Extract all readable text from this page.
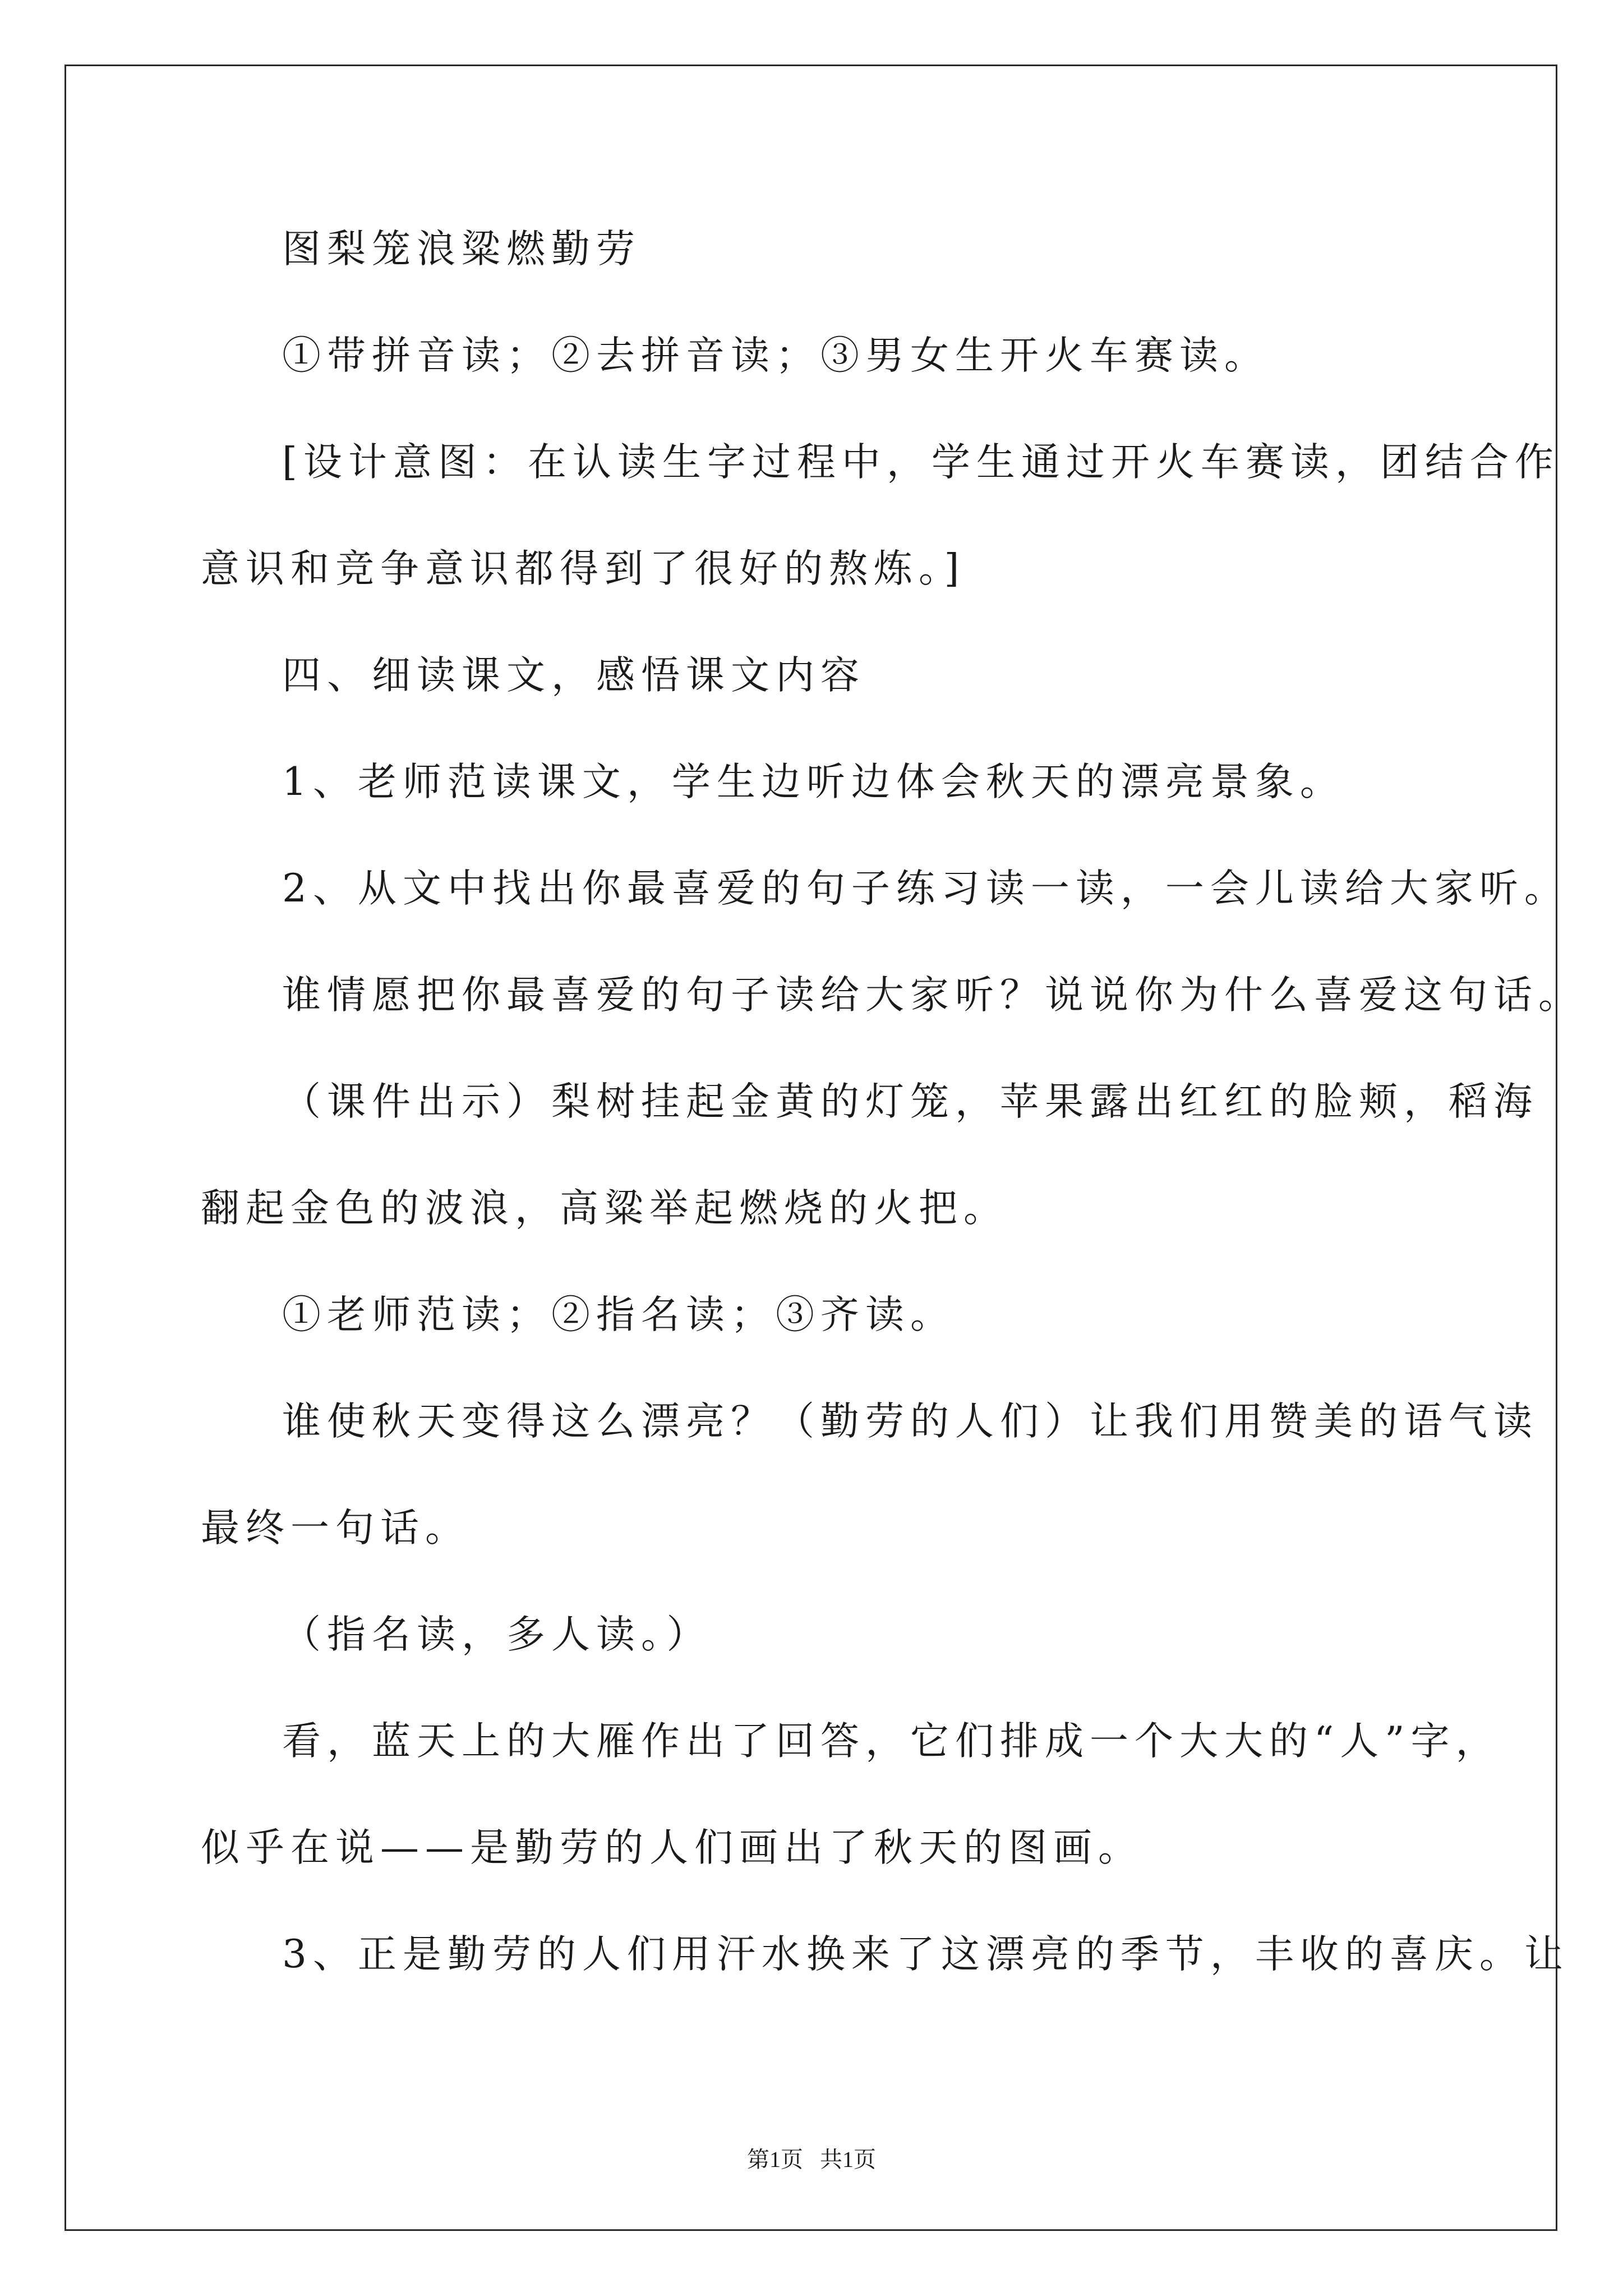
图梨笼浪粱燃勤劳
①带拼音读；②去拼音读；③男女生开火车赛读。
[设计意图：在认读生字过程中，学生通过开火车赛读，团结合作
意识和竞争意识都得到了很好的熬炼。]
四、细读课文，感悟课文内容
1、老师范读课文，学生边听边体会秋天的漂亮景象。
2、从文中找出你最喜爱的句子练习读一读，一会儿读给大家听。
谁情愿把你最喜爱的句子读给大家听？说说你为什么喜爱这句话。
（课件出示）梨树挂起金黄的灯笼，苹果露出红红的脸颊，稻海
翻起金色的波浪，高粱举起燃烧的火把。
①老师范读；②指名读；③齐读。
谁使秋天变得这么漂亮？（勤劳的人们）让我们用赞美的语气读
最终一句话。
（指名读，多人读。）
看，蓝天上的大雁作出了回答，它们排成一个大大的“人”字，
似乎在说——是勤劳的人们画出了秋天的图画。
3、正是勤劳的人们用汗水换来了这漂亮的季节，丰收的喜庆。让
第1页   共1页
